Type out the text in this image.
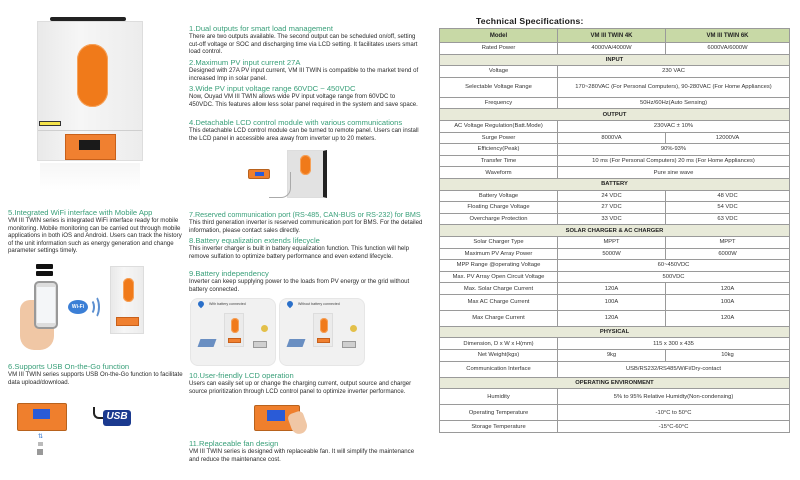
1.Dual outputs for smart load management
There are two outputs available. The second output can be scheduled on/off, setting cut-off voltage or SOC and discharging time via LCD setting. It facilitates users smart load control.
2.Maximum PV input current 27A
Designed with 27A PV input current, VM III TWIN is compatible to the market trend of increased Imp in solar panel.
3.Wide PV input voltage range 60VDC ~ 450VDC
Now, Ouyad VM III TWIN allows wide PV input voltage range from 60VDC to 450VDC. This features allow less solar panel required in the system and save space.
4.Detachable LCD control module with various communications
This detachable LCD control module can be turned to remote panel. Users can install the LCD panel in accessible area away from inverter up to 20 meters.
5.Integrated WiFi interface with Mobile App
VM III TWIN series is integrated WiFi interface ready for mobile monitoring. Mobile monitoring can be carried out through mobile applications in both iOS and Android. Users can track the history of the unit information such as energy generation and change parameter settings timely.
Wi-Fi
6.Supports USB On-the-Go function
VM III TWIN series supports USB On-the-Go function to facilitate data upload/download.
⇅
USB
7.Reserved communication port (RS-485, CAN-BUS or RS-232) for BMS
This third generation inverter is reserved communication port for BMS. For the detailed information, please contact sales directly.
8.Battery equalization extends lifecycle
This inverter charger is built in battery equalization function. This function will help remove sulfation to optimize battery performance and even extend lifecycle.
9.Battery independency
Inverter can keep supplying power to the loads from PV energy or the grid without battery connected.
With battery connected	Without battery connected
10.User-friendly LCD operation
Users can easily set up or change the charging current, output source and charger source prioritization through LCD control panel to optimize inverter performance.
11.Replaceable fan design
VM III TWIN series is designed with replaceable fan. It will simplify the maintenance and reduce the maintenance cost.
Technical Specifications:
Model	VM III TWIN 4K	VM III TWIN 6K
Rated Power	4000VA/4000W	6000VA/6000W
INPUT		
Voltage	230 VAC	
Selectable Voltage Range	170~280VAC (For Personal Computers), 90-280VAC (For Home Appliances)	
Frequency	50Hz/60Hz(Auto Sensing)	
OUTPUT		
AC Voltage Regulation(Batt.Mode)	230VAC ± 10%	
Surge Power	8000VA	12000VA
Efficiency(Peak)	90%-93%	
Transfer Time	10 ms (For Personal Computers) 20 ms (For Home Appliances)	
Waveform	Pure sine wave	
BATTERY		
Battery Voltage	24 VDC	48 VDC
Floating Charge Voltage	27 VDC	54 VDC
Overcharge Protection	33 VDC	63 VDC
SOLAR CHARGER & AC CHARGER		
Solar Charger Type	MPPT	MPPT
Maximum PV Array Power	5000W	6000W
MPP Range @operating Voltage	60~450VDC	
Max. PV Array Open Circuit Voltage	500VDC	
Max. Solar Charge Current	120A	120A
Max AC Charge Current	100A	100A
Max Charge Current	120A	120A
PHYSICAL		
Dimension, D x W x H(mm)	115 x 300 x 435	
Net Weight(kgs)	9kg	10kg
Communication Interface	USB/RS232/RS485/WiFi/Dry-contact	
OPERATING ENVIRONMENT		
Humidity	5% to 95% Relative Humidty(Non-condensing)	
Operating Temperature	-10°C to 50°C	
Storage Temperature	-15°C-60°C	
